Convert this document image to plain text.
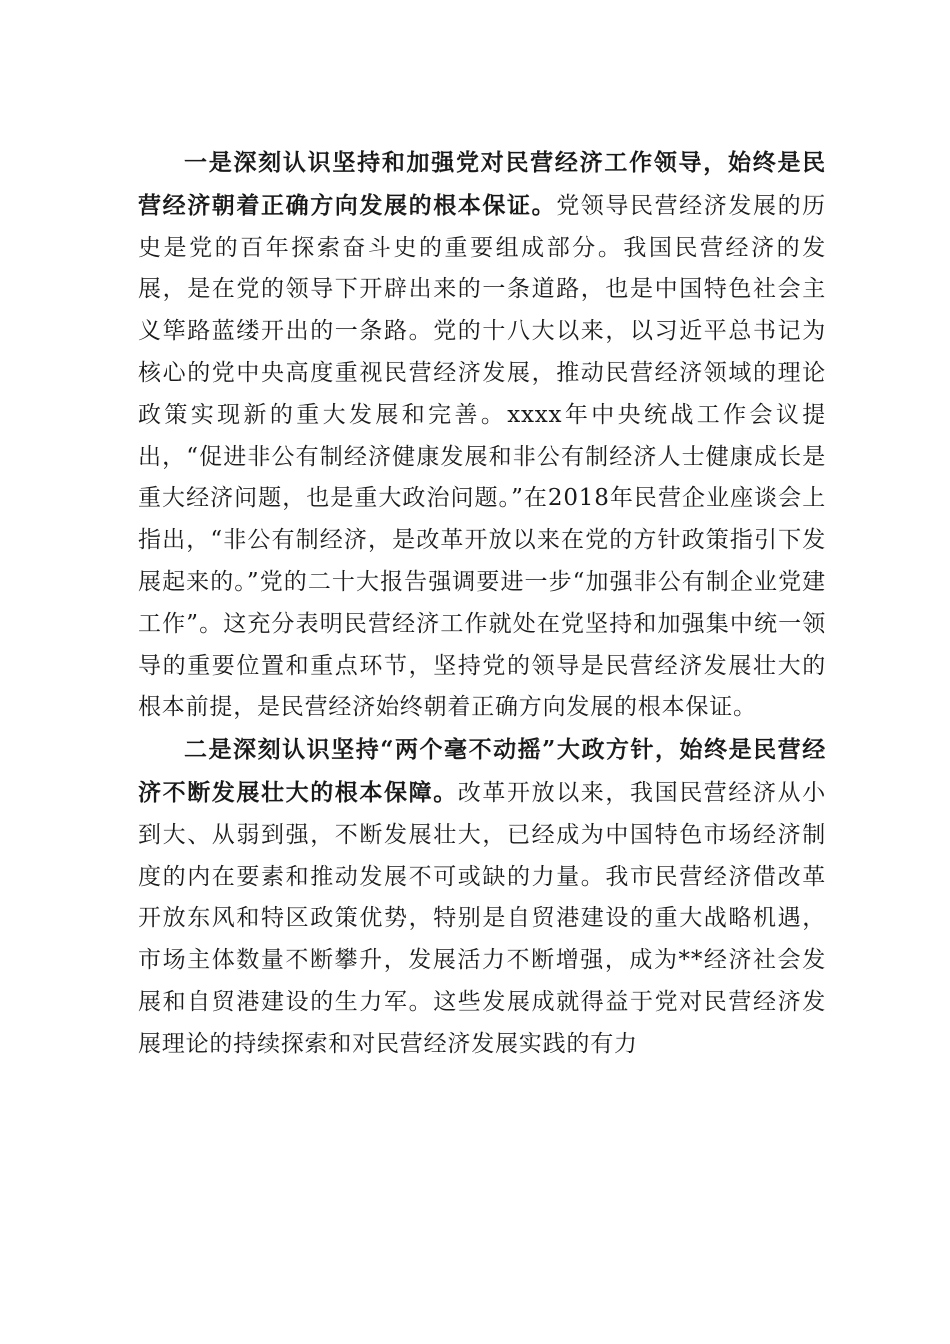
一是深刻认识坚持和加强党对民营经济工作领导，始终是民营经济朝着正确方向发展的根本保证。党领导民营经济发展的历史是党的百年探索奋斗史的重要组成部分。我国民营经济的发展，是在党的领导下开辟出来的一条道路，也是中国特色社会主义筚路蓝缕开出的一条路。党的十八大以来，以习近平总书记为核心的党中央高度重视民营经济发展，推动民营经济领域的理论政策实现新的重大发展和完善。xxxx年中央统战工作会议提出，“促进非公有制经济健康发展和非公有制经济人士健康成长是重大经济问题，也是重大政治问题。”在2018年民营企业座谈会上指出，“非公有制经济，是改革开放以来在党的方针政策指引下发展起来的。”党的二十大报告强调要进一步“加强非公有制企业党建工作”。这充分表明民营经济工作就处在党坚持和加强集中统一领导的重要位置和重点环节，坚持党的领导是民营经济发展壮大的根本前提，是民营经济始终朝着正确方向发展的根本保证。

二是深刻认识坚持“两个毫不动摇”大政方针，始终是民营经济不断发展壮大的根本保障。改革开放以来，我国民营经济从小到大、从弱到强，不断发展壮大，已经成为中国特色市场经济制度的内在要素和推动发展不可或缺的力量。我市民营经济借改革开放东风和特区政策优势，特别是自贸港建设的重大战略机遇，市场主体数量不断攀升，发展活力不断增强，成为**经济社会发展和自贸港建设的生力军。这些发展成就得益于党对民营经济发展理论的持续探索和对民营经济发展实践的有力
